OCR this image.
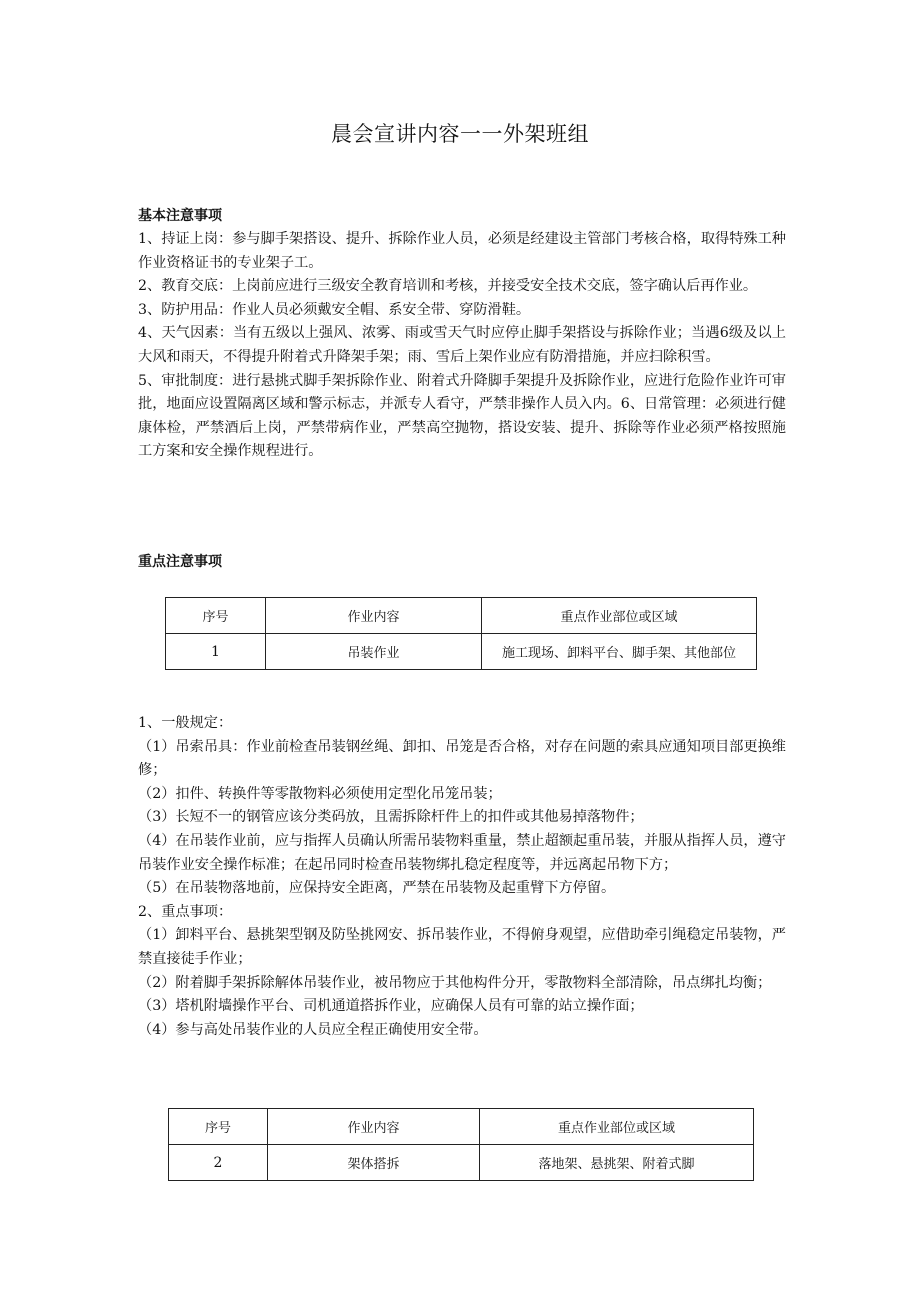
晨会宣讲内容一一外架班组
基本注意事项

1、持证上岗：参与脚手架搭设、提升、拆除作业人员，必须是经建设主管部门考核合格，取得特殊工种作业资格证书的专业架子工。

2、教育交底：上岗前应进行三级安全教育培训和考核，并接受安全技术交底，签字确认后再作业。

3、防护用品：作业人员必须戴安全帽、系安全带、穿防滑鞋。

4、天气因素：当有五级以上强风、浓雾、雨或雪天气时应停止脚手架搭设与拆除作业；当遇6级及以上大风和雨天，不得提升附着式升降架手架；雨、雪后上架作业应有防滑措施，并应扫除积雪。

5、审批制度：进行悬挑式脚手架拆除作业、附着式升降脚手架提升及拆除作业，应进行危险作业许可审批，地面应设置隔离区域和警示标志，并派专人看守，严禁非操作人员入内。6、日常管理：必须进行健康体检，严禁酒后上岗，严禁带病作业，严禁高空抛物，搭设安装、提升、拆除等作业必须严格按照施工方案和安全操作规程进行。

重点注意事项
序号	作业内容	重点作业部位或区域
1	吊装作业	施工现场、卸料平台、脚手架、其他部位

1、一般规定：

（1）吊索吊具：作业前检查吊装钢丝绳、卸扣、吊笼是否合格，对存在问题的索具应通知项目部更换维修；

（2）扣件、转换件等零散物料必须使用定型化吊笼吊装；

（3）长短不一的钢管应该分类码放，且需拆除杆件上的扣件或其他易掉落物件；

（4）在吊装作业前，应与指挥人员确认所需吊装物料重量，禁止超额起重吊装，并服从指挥人员，遵守吊装作业安全操作标准；在起吊同时检查吊装物绑扎稳定程度等，并远离起吊物下方；

（5）在吊装物落地前，应保持安全距离，严禁在吊装物及起重臂下方停留。

2、重点事项：

（1）卸料平台、悬挑架型钢及防坠挑网安、拆吊装作业，不得俯身观望，应借助牵引绳稳定吊装物，严禁直接徒手作业；

（2）附着脚手架拆除解体吊装作业，被吊物应于其他构件分开，零散物料全部清除，吊点绑扎均衡；

（3）塔机附墙操作平台、司机通道搭拆作业，应确保人员有可靠的站立操作面；

（4）参与高处吊装作业的人员应全程正确使用安全带。

序号	作业内容	重点作业部位或区域
2	架体搭拆	落地架、悬挑架、附着式脚
